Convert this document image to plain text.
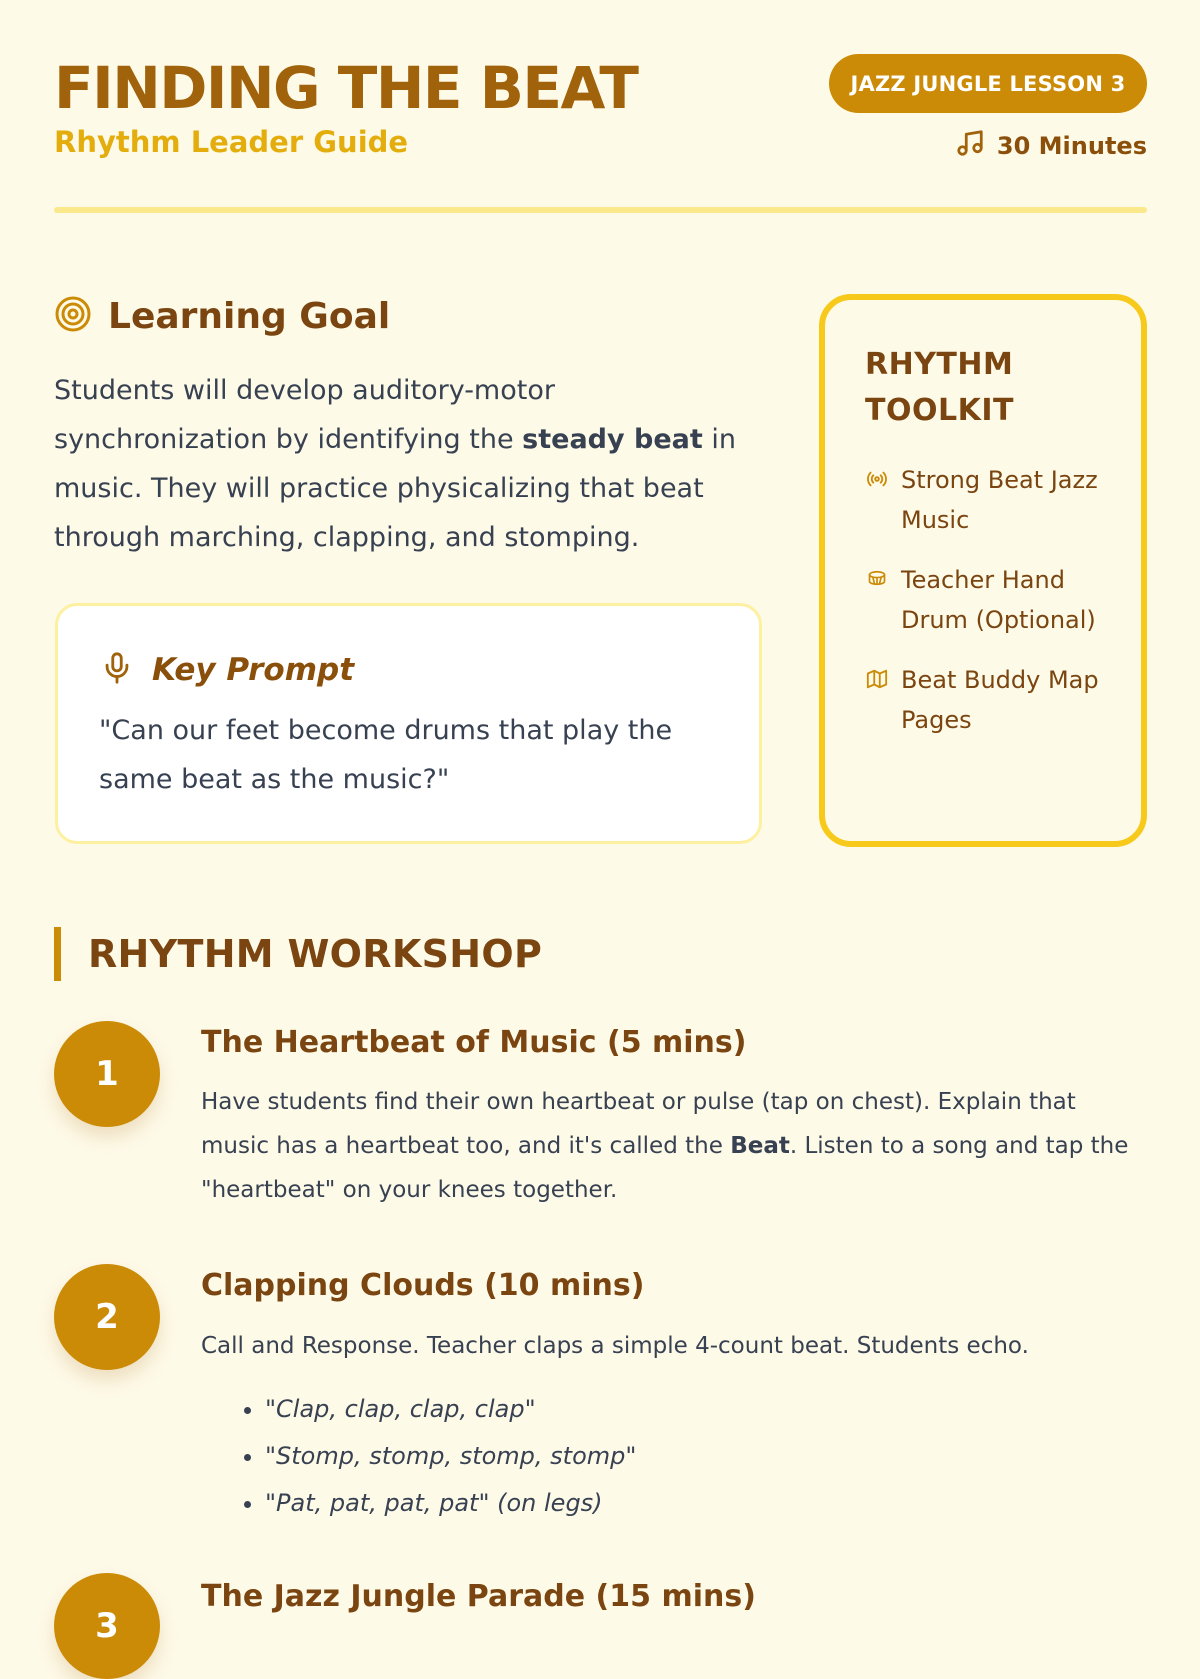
FINDING THE BEAT
Rhythm Leader Guide
JAZZ JUNGLE LESSON 3
30 Minutes
Learning Goal

Students will develop auditory-motor synchronization by identifying the steady beat in music. They will practice physicalizing that beat through marching, clapping, and stomping.

Key Prompt

"Can our feet become drums that play the same beat as the music?"

RHYTHM TOOLKIT
Strong Beat Jazz Music
Teacher Hand Drum (Optional)
Beat Buddy Map Pages
RHYTHM WORKSHOP
1
The Heartbeat of Music (5 mins)

Have students find their own heartbeat or pulse (tap on chest). Explain that music has a heartbeat too, and it's called the Beat. Listen to a song and tap the "heartbeat" on your knees together.

2
Clapping Clouds (10 mins)

Call and Response. Teacher claps a simple 4-count beat. Students echo.

• "Clap, clap, clap, clap"
• "Stomp, stomp, stomp, stomp"
• "Pat, pat, pat, pat" (on legs)
3
The Jazz Jungle Parade (15 mins)
